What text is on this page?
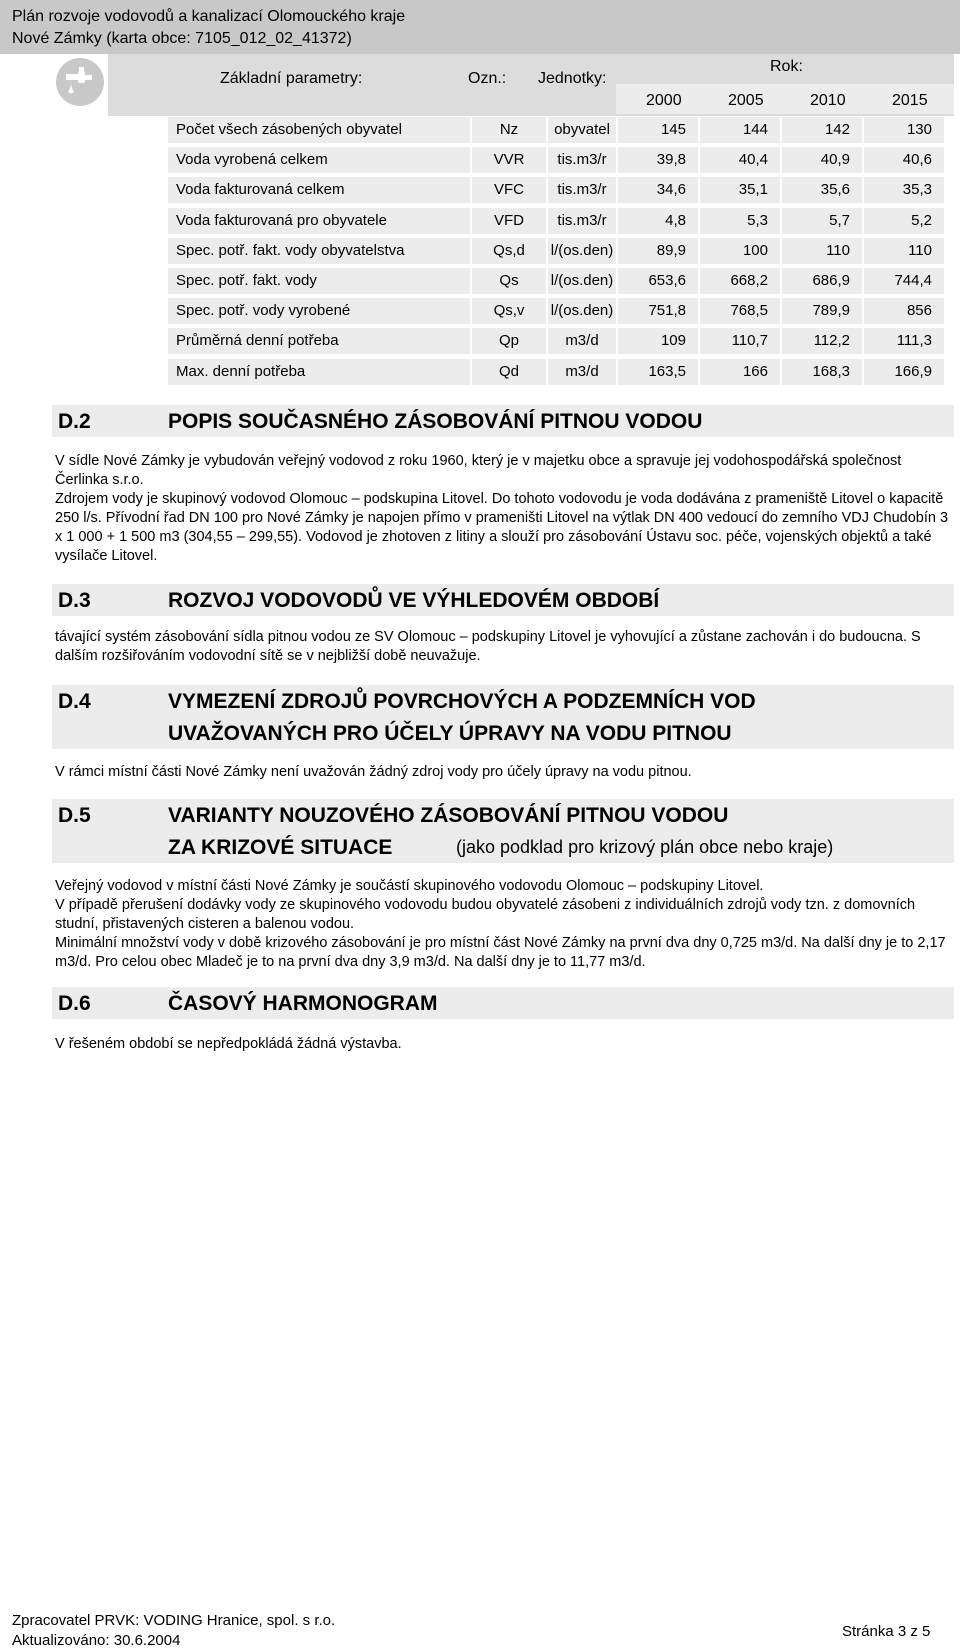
Plán rozvoje vodovodů a kanalizací Olomouckého kraje
Nové Zámky (karta obce: 7105_012_02_41372)
Základní parametry:	Ozn.: Jednotky:
Rok:
2000	2005	2010	2015
Počet všech zásobených obyvatel	Nz	obyvatel	145	144	142	130
Voda vyrobená celkem	VVR	tis.m3/r	39,8	40,4	40,9	40,6
Voda fakturovaná celkem	VFC	tis.m3/r	34,6	35,1	35,6	35,3
Voda fakturovaná pro obyvatele	VFD	tis.m3/r	4,8	5,3	5,7	5,2
Spec. potř. fakt. vody obyvatelstva	Qs,d	l/(os.den)	89,9	100	110	110
Spec. potř. fakt. vody	Qs	l/(os.den)	653,6	668,2	686,9	744,4
Spec. potř. vody vyrobené	Qs,v	l/(os.den)	751,8	768,5	789,9	856
Průměrná denní potřeba	Qp	m3/d	109	110,7	112,2	111,3
Max. denní potřeba	Qd	m3/d	163,5	166	168,3	166,9
D.2	POPIS SOUČASNÉHO ZÁSOBOVÁNÍ PITNOU VODOU

V sídle Nové Zámky je vybudován veřejný vodovod z roku 1960, který je v majetku obce a spravuje jej vodohospodářská společnost Čerlinka s.r.o.

Zdrojem vody je skupinový vodovod Olomouc – podskupina Litovel. Do tohoto vodovodu je voda dodávána z prameniště Litovel o kapacitě 250 l/s. Přívodní řad DN 100 pro Nové Zámky je napojen přímo v prameništi Litovel na výtlak DN 400 vedoucí do zemního VDJ Chudobín 3 x 1 000 + 1 500 m3 (304,55 – 299,55). Vodovod je zhotoven z litiny a slouží pro zásobování Ústavu soc. péče, vojenských objektů a také vysílače Litovel.

D.3	ROZVOJ VODOVODŮ VE VÝHLEDOVÉM OBDOBÍ

távající systém zásobování sídla pitnou vodou ze SV Olomouc – podskupiny Litovel je vyhovující a zůstane zachován i do budoucna. S dalším rozšiřováním vodovodní sítě se v nejbližší době neuvažuje.

D.4	VYMEZENÍ ZDROJŮ POVRCHOVÝCH A PODZEMNÍCH VOD
UVAŽOVANÝCH PRO ÚČELY ÚPRAVY NA VODU PITNOU

V rámci místní části Nové Zámky není uvažován žádný zdroj vody pro účely úpravy na vodu pitnou.

D.5	VARIANTY NOUZOVÉHO ZÁSOBOVÁNÍ PITNOU VODOU
ZA KRIZOVÉ SITUACE	(jako podklad pro krizový plán obce nebo kraje)

Veřejný vodovod v místní části Nové Zámky je součástí skupinového vodovodu Olomouc – podskupiny Litovel.

V případě přerušení dodávky vody ze skupinového vodovodu budou obyvatelé zásobeni z individuálních zdrojů vody tzn. z domovních studní, přistavených cisteren a balenou vodou.

Minimální množství vody v době krizového zásobování je pro místní část Nové Zámky na první dva dny 0,725 m3/d. Na další dny je to 2,17 m3/d. Pro celou obec Mladeč je to na první dva dny 3,9 m3/d. Na další dny je to 11,77 m3/d.

D.6	ČASOVÝ HARMONOGRAM

V řešeném období se nepředpokládá žádná výstavba.

Zpracovatel PRVK: VODING Hranice, spol. s r.o.
Aktualizováno: 30.6.2004
Stránka 3 z 5
